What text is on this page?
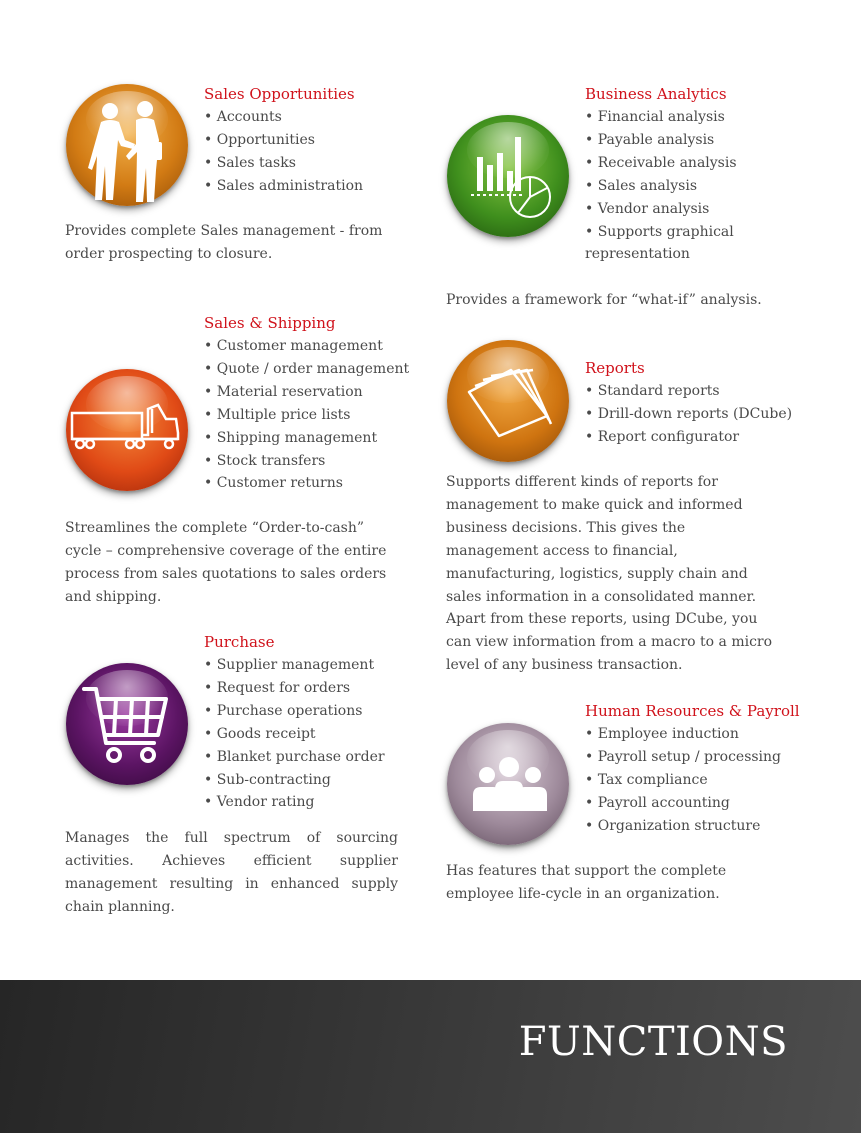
Sales Opportunities
• Accounts
• Opportunities
• Sales tasks
• Sales administration
Provides complete Sales management - from order prospecting to closure.
Sales & Shipping
• Customer management
• Quote / order management
• Material reservation
• Multiple price lists
• Shipping management
• Stock transfers
• Customer returns
Streamlines the complete “Order-to-cash” cycle – comprehensive coverage of the entire process from sales quotations to sales orders and shipping.
Purchase
• Supplier management
• Request for orders
• Purchase operations
• Goods receipt
• Blanket purchase order
• Sub-contracting
• Vendor rating
Manages the full spectrum of sourcing activities. Achieves efficient supplier management resulting in enhanced supply chain planning.
Business Analytics
• Financial analysis
• Payable analysis
• Receivable analysis
• Sales analysis
• Vendor analysis
• Supports graphical
representation
Provides a framework for “what-if” analysis.
Reports
• Standard reports
• Drill-down reports (DCube)
• Report configurator
Supports different kinds of reports for management to make quick and informed business decisions. This gives the management access to financial, manufacturing, logistics, supply chain and sales information in a consolidated manner. Apart from these reports, using DCube, you can view information from a macro to a micro level of any business transaction.
Human Resources & Payroll
• Employee induction
• Payroll setup / processing
• Tax compliance
• Payroll accounting
• Organization structure
Has features that support the complete employee life-cycle in an organization.
FUNCTIONS
